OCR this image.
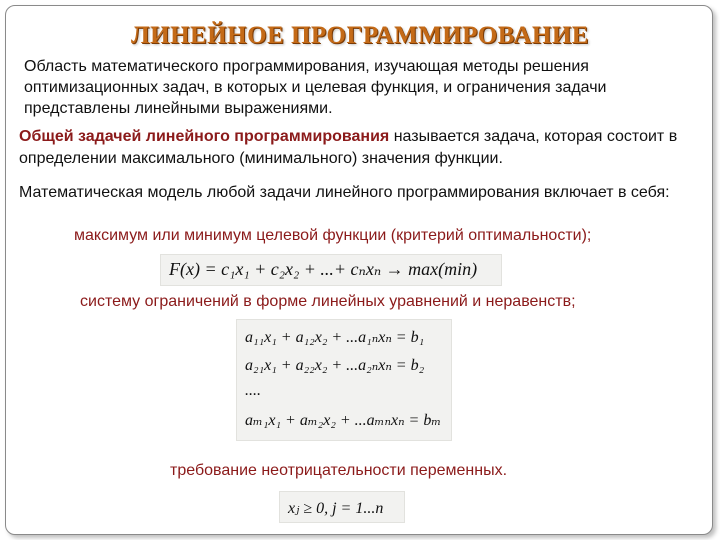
ЛИНЕЙНОЕ ПРОГРАММИРОВАНИЕ
Область математического программирования, изучающая методы решения оптимизационных задач, в которых и целевая функция, и ограничения задачи представлены линейными выражениями.
Общей задачей линейного программирования называется задача, которая состоит в определении максимального (минимального) значения функции.
Математическая модель любой задачи линейного программирования включает в себя:
максимум или минимум целевой функции (критерий оптимальности);
F(x) = c₁x₁ + c₂x₂ + ...+ cₙxₙ → max(min)
систему ограничений в форме линейных уравнений и неравенств;
a₁₁x₁ + a₁₂x₂ + ...a₁ₙxₙ = b₁
a₂₁x₁ + a₂₂x₂ + ...a₂ₙxₙ = b₂
....
aₘ₁x₁ + aₘ₂x₂ + ...aₘₙxₙ = bₘ
требование неотрицательности переменных.
xⱼ ≥ 0, j = 1...n
